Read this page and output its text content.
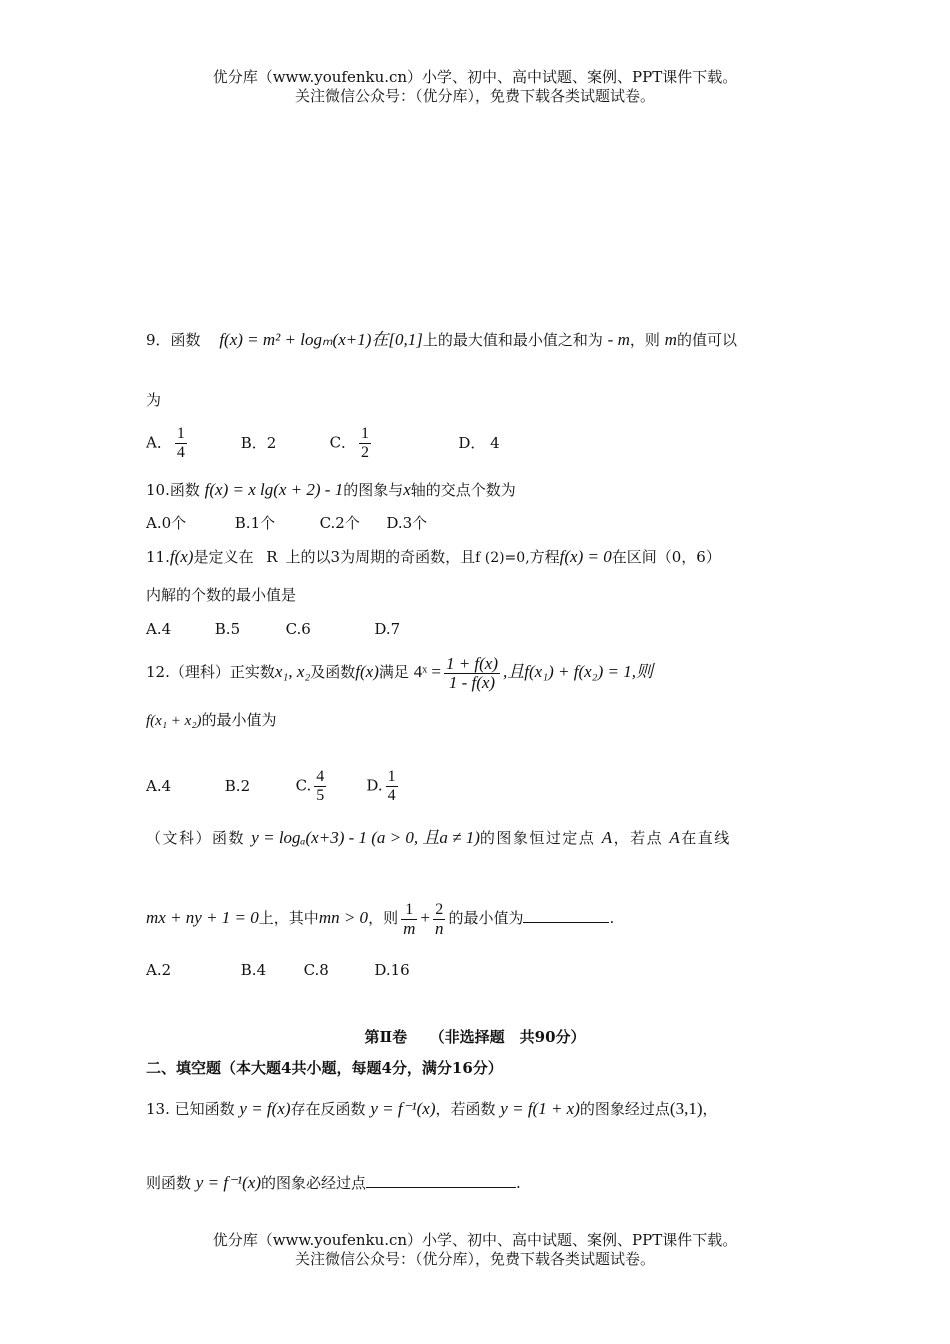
优分库（www.youfenku.cn）小学、初中、高中试题、案例、PPT课件下载。
关注微信公众号：（优分库），免费下载各类试题试卷。
9．函数 f(x) = m² + logₘ(x+1)在[0,1]上的最大值和最小值之和为 - m，则 m的值可以
为
A． $\frac{1}{4}$	B．2	C． $\frac{1}{2}$	D． 4
10.函数 f(x) = x lg(x + 2) - 1的图象与x轴的交点个数为
A.0个	B.1个	C.2个 D.3个
11.f(x)是定义在 R 上的以3为周期的奇函数，且f (2)=0,方程f(x) = 0在区间（0，6）
内解的个数的最小值是
A.4	B.5	C.6	D.7
12.（理科）正实数x₁, x₂及函数f(x)满足 4ˣ = $\frac{1 + f(x)}{1 - f(x)}$ ,且f(x₁) + f(x₂) = 1,则
f(x₁ + x₂)的最小值为
A.4	B.2	C. $\frac{4}{5}$	D. $\frac{1}{4}$
（文科）函数 y = logₐ(x+3) - 1 (a > 0, 且a ≠ 1)的图象恒过定点 A，若点 A在直线
mx + ny + 1 = 0上，其中mn > 0，则 $\frac{1}{m} + \frac{2}{n}$ 的最小值为	.
A.2	B.4 C.8	D.16
第Ⅱ卷　　（非选择题　共90分）
二、填空题（本大题4共小题，每题4分，满分16分）
13. 已知函数 y = f(x)存在反函数 y = f⁻¹(x)，若函数 y = f(1 + x)的图象经过点(3,1)，
则函数 y = f⁻¹(x)的图象必经过点	.
优分库（www.youfenku.cn）小学、初中、高中试题、案例、PPT课件下载。
关注微信公众号：（优分库），免费下载各类试题试卷。
